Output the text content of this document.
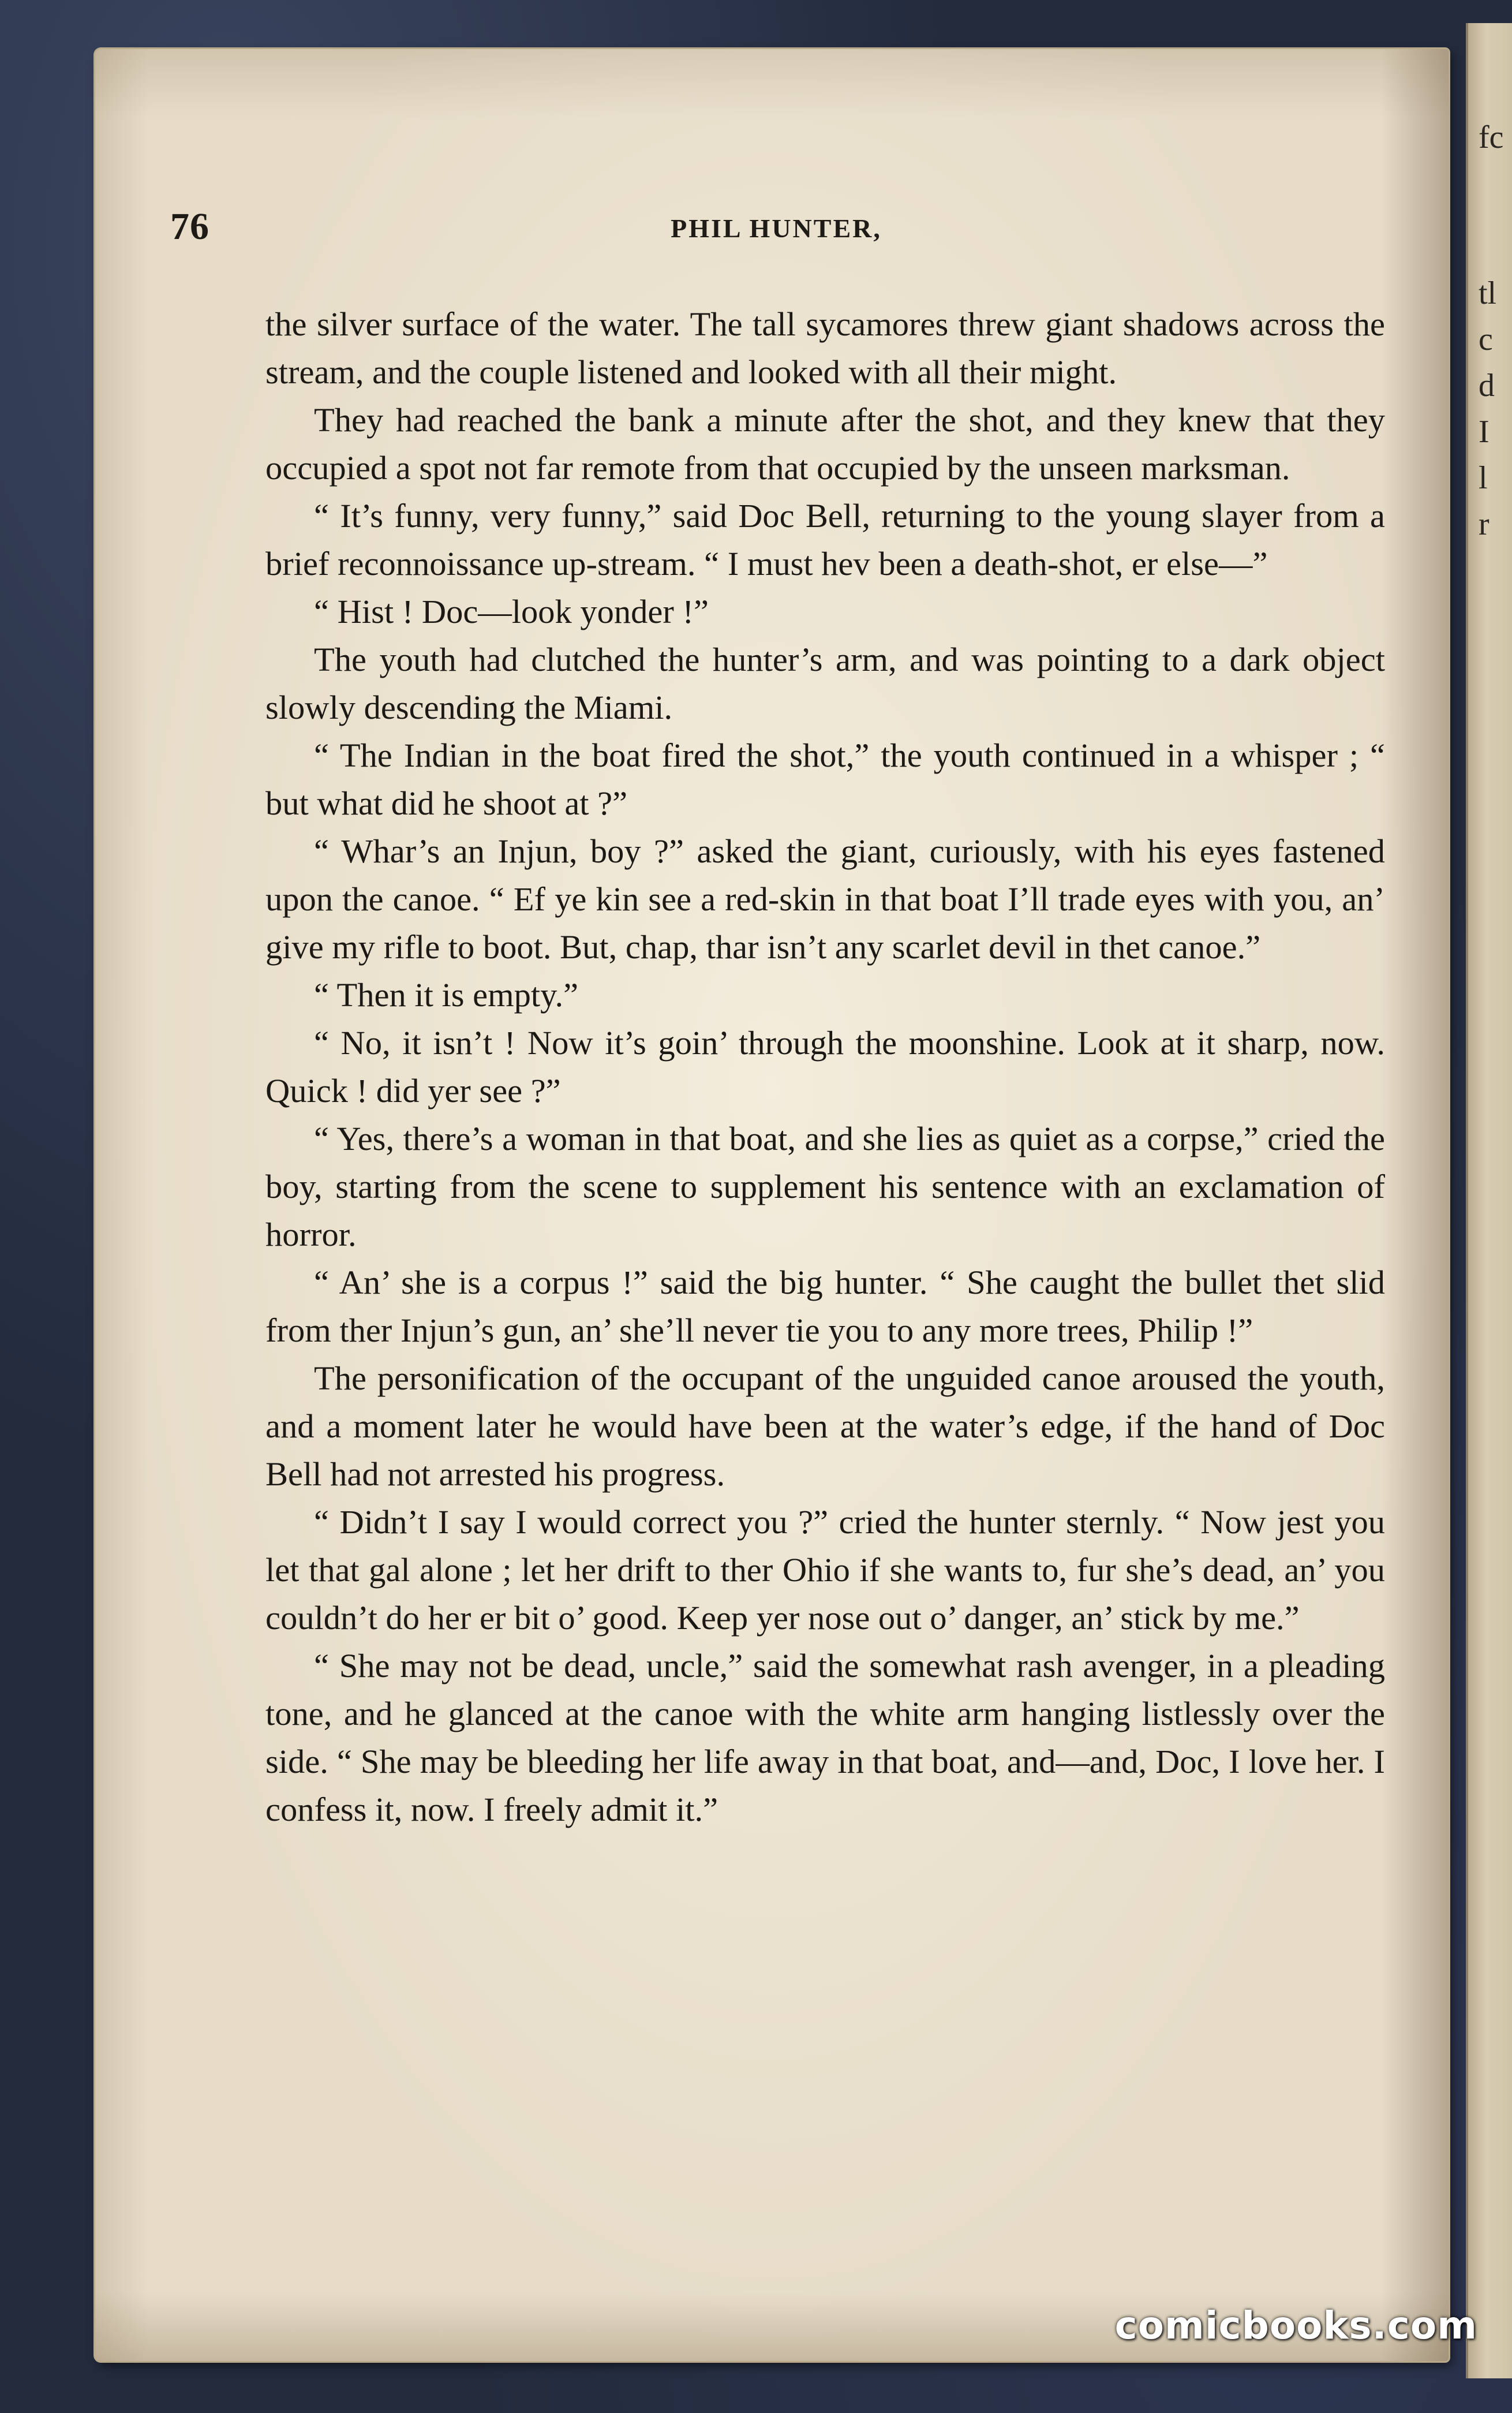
fc
tl
c
d
I
l
r
76	PHIL HUNTER,

the silver surface of the water. The tall sycamores threw giant shadows across the stream, and the couple listened and looked with all their might.

They had reached the bank a minute after the shot, and they knew that they occupied a spot not far remote from that occupied by the unseen marksman.

“ It’s funny, very funny,” said Doc Bell, returning to the young slayer from a brief reconnoissance up-stream. “ I must hev been a death-shot, er else—”

“ Hist ! Doc—look yonder !”

The youth had clutched the hunter’s arm, and was pointing to a dark object slowly descending the Miami.

“ The Indian in the boat fired the shot,” the youth continued in a whisper ; “ but what did he shoot at ?”

“ Whar’s an Injun, boy ?” asked the giant, curiously, with his eyes fastened upon the canoe. “ Ef ye kin see a red-skin in that boat I’ll trade eyes with you, an’ give my rifle to boot. But, chap, thar isn’t any scarlet devil in thet canoe.”

“ Then it is empty.”

“ No, it isn’t ! Now it’s goin’ through the moonshine. Look at it sharp, now. Quick ! did yer see ?”

“ Yes, there’s a woman in that boat, and she lies as quiet as a corpse,” cried the boy, starting from the scene to supplement his sentence with an exclamation of horror.

“ An’ she is a corpus !” said the big hunter. “ She caught the bullet thet slid from ther Injun’s gun, an’ she’ll never tie you to any more trees, Philip !”

The personification of the occupant of the unguided canoe aroused the youth, and a moment later he would have been at the water’s edge, if the hand of Doc Bell had not arrested his progress.

“ Didn’t I say I would correct you ?” cried the hunter sternly. “ Now jest you let that gal alone ; let her drift to ther Ohio if she wants to, fur she’s dead, an’ you couldn’t do her er bit o’ good. Keep yer nose out o’ danger, an’ stick by me.”

“ She may not be dead, uncle,” said the somewhat rash avenger, in a pleading tone, and he glanced at the canoe with the white arm hanging listlessly over the side. “ She may be bleeding her life away in that boat, and—and, Doc, I love her. I confess it, now. I freely admit it.”

comicbooks.com
